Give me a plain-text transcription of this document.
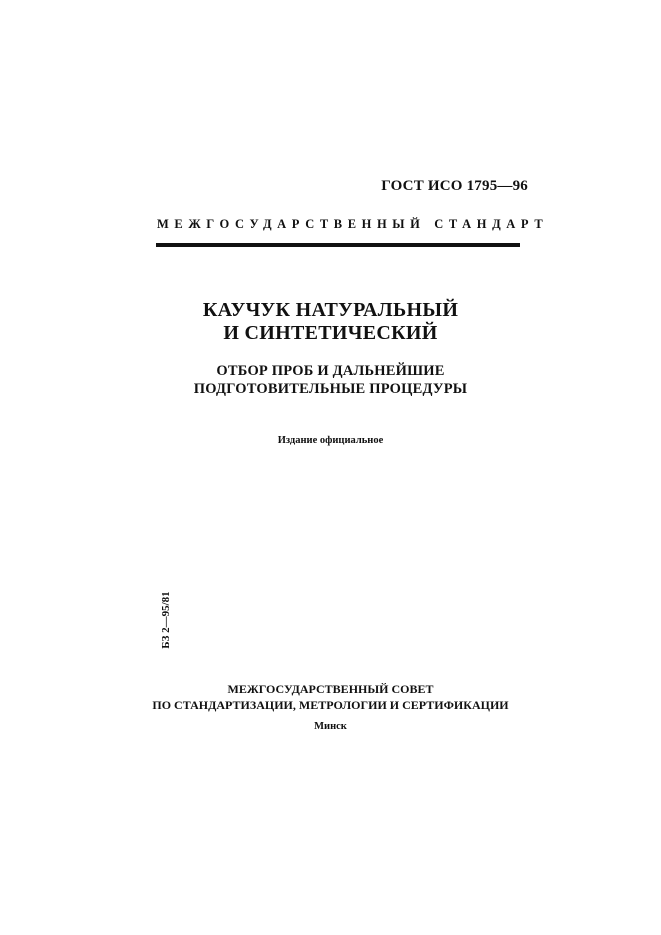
ГОСТ ИСО 1795—96
МЕЖГОСУДАРСТВЕННЫЙ СТАНДАРТ
КАУЧУК НАТУРАЛЬНЫЙ
И СИНТЕТИЧЕСКИЙ
ОТБОР ПРОБ И ДАЛЬНЕЙШИЕ
ПОДГОТОВИТЕЛЬНЫЕ ПРОЦЕДУРЫ
Издание официальное
БЗ 2—95/81
МЕЖГОСУДАРСТВЕННЫЙ СОВЕТ
ПО СТАНДАРТИЗАЦИИ, МЕТРОЛОГИИ И СЕРТИФИКАЦИИ
Минск
